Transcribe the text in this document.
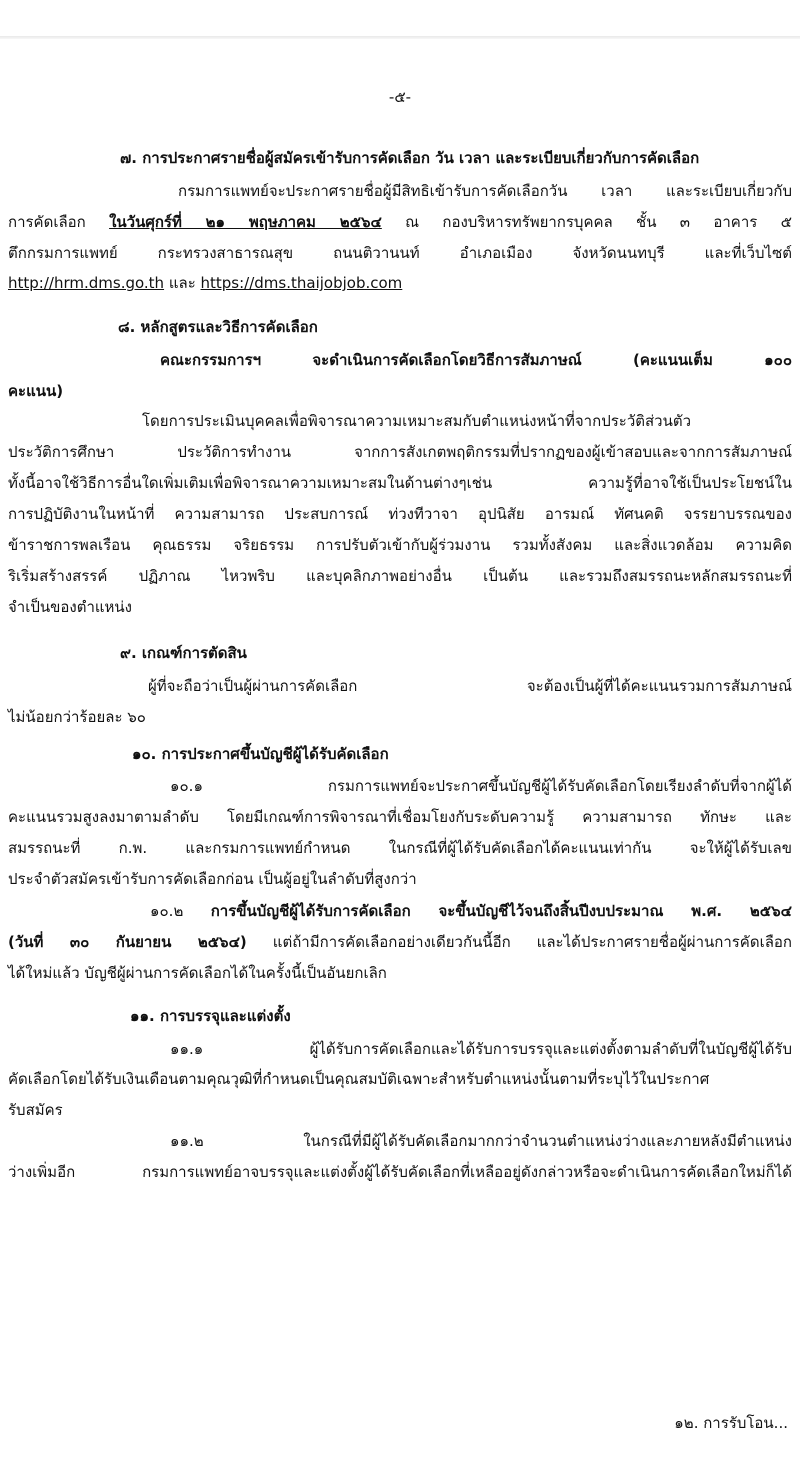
-๕-
๗. การประกาศรายชื่อผู้สมัครเข้ารับการคัดเลือก วัน เวลา และระเบียบเกี่ยวกับการคัดเลือก
กรมการแพทย์จะประกาศรายชื่อผู้มีสิทธิเข้ารับการคัดเลือกวัน เวลา และระเบียบเกี่ยวกับ
การคัดเลือก ในวันศุกร์ที่ ๒๑ พฤษภาคม ๒๕๖๔ ณ กองบริหารทรัพยากรบุคคล ชั้น ๓ อาคาร ๕
ตึกกรมการแพทย์ กระทรวงสาธารณสุข ถนนติวานนท์ อำเภอเมือง จังหวัดนนทบุรี และที่เว็บไซต์
http://hrm.dms.go.th และ https://dms.thaijobjob.com
๘. หลักสูตรและวิธีการคัดเลือก
คณะกรรมการฯ จะดำเนินการคัดเลือกโดยวิธีการสัมภาษณ์ (คะแนนเต็ม ๑๐๐
คะแนน)
โดยการประเมินบุคคลเพื่อพิจารณาความเหมาะสมกับตำแหน่งหน้าที่จากประวัติส่วนตัว
ประวัติการศึกษา ประวัติการทำงาน จากการสังเกตพฤติกรรมที่ปรากฏของผู้เข้าสอบและจากการสัมภาษณ์
ทั้งนี้อาจใช้วิธีการอื่นใดเพิ่มเติมเพื่อพิจารณาความเหมาะสมในด้านต่างๆเช่น ความรู้ที่อาจใช้เป็นประโยชน์ใน
การปฏิบัติงานในหน้าที่ ความสามารถ ประสบการณ์ ท่วงทีวาจา อุปนิสัย อารมณ์ ทัศนคติ จรรยาบรรณของ
ข้าราชการพลเรือน คุณธรรม จริยธรรม การปรับตัวเข้ากับผู้ร่วมงาน รวมทั้งสังคม และสิ่งแวดล้อม ความคิด
ริเริ่มสร้างสรรค์ ปฏิภาณ ไหวพริบ และบุคลิกภาพอย่างอื่น เป็นต้น และรวมถึงสมรรถนะหลักสมรรถนะที่
จำเป็นของตำแหน่ง
๙. เกณฑ์การตัดสิน
ผู้ที่จะถือว่าเป็นผู้ผ่านการคัดเลือก จะต้องเป็นผู้ที่ได้คะแนนรวมการสัมภาษณ์
ไม่น้อยกว่าร้อยละ ๖๐
๑๐. การประกาศขึ้นบัญชีผู้ได้รับคัดเลือก
๑๐.๑ กรมการแพทย์จะประกาศขึ้นบัญชีผู้ได้รับคัดเลือกโดยเรียงลำดับที่จากผู้ได้
คะแนนรวมสูงลงมาตามลำดับ โดยมีเกณฑ์การพิจารณาที่เชื่อมโยงกับระดับความรู้ ความสามารถ ทักษะ และ
สมรรถนะที่ ก.พ. และกรมการแพทย์กำหนด ในกรณีที่ผู้ได้รับคัดเลือกได้คะแนนเท่ากัน จะให้ผู้ได้รับเลข
ประจำตัวสมัครเข้ารับการคัดเลือกก่อน เป็นผู้อยู่ในลำดับที่สูงกว่า
๑๐.๒ การขึ้นบัญชีผู้ได้รับการคัดเลือก จะขึ้นบัญชีไว้จนถึงสิ้นปีงบประมาณ พ.ศ. ๒๕๖๔
(วันที่ ๓๐ กันยายน ๒๕๖๔) แต่ถ้ามีการคัดเลือกอย่างเดียวกันนี้อีก และได้ประกาศรายชื่อผู้ผ่านการคัดเลือก
ได้ใหม่แล้ว บัญชีผู้ผ่านการคัดเลือกได้ในครั้งนี้เป็นอันยกเลิก
๑๑. การบรรจุและแต่งตั้ง
๑๑.๑ ผู้ได้รับการคัดเลือกและได้รับการบรรจุและแต่งตั้งตามลำดับที่ในบัญชีผู้ได้รับ
คัดเลือกโดยได้รับเงินเดือนตามคุณวุฒิที่กำหนดเป็นคุณสมบัติเฉพาะสำหรับตำแหน่งนั้นตามที่ระบุไว้ในประกาศ
รับสมัคร
๑๑.๒ ในกรณีที่มีผู้ได้รับคัดเลือกมากกว่าจำนวนตำแหน่งว่างและภายหลังมีตำแหน่ง
ว่างเพิ่มอีก กรมการแพทย์อาจบรรจุและแต่งตั้งผู้ได้รับคัดเลือกที่เหลืออยู่ดังกล่าวหรือจะดำเนินการคัดเลือกใหม่ก็ได้
๑๒. การรับโอน...
